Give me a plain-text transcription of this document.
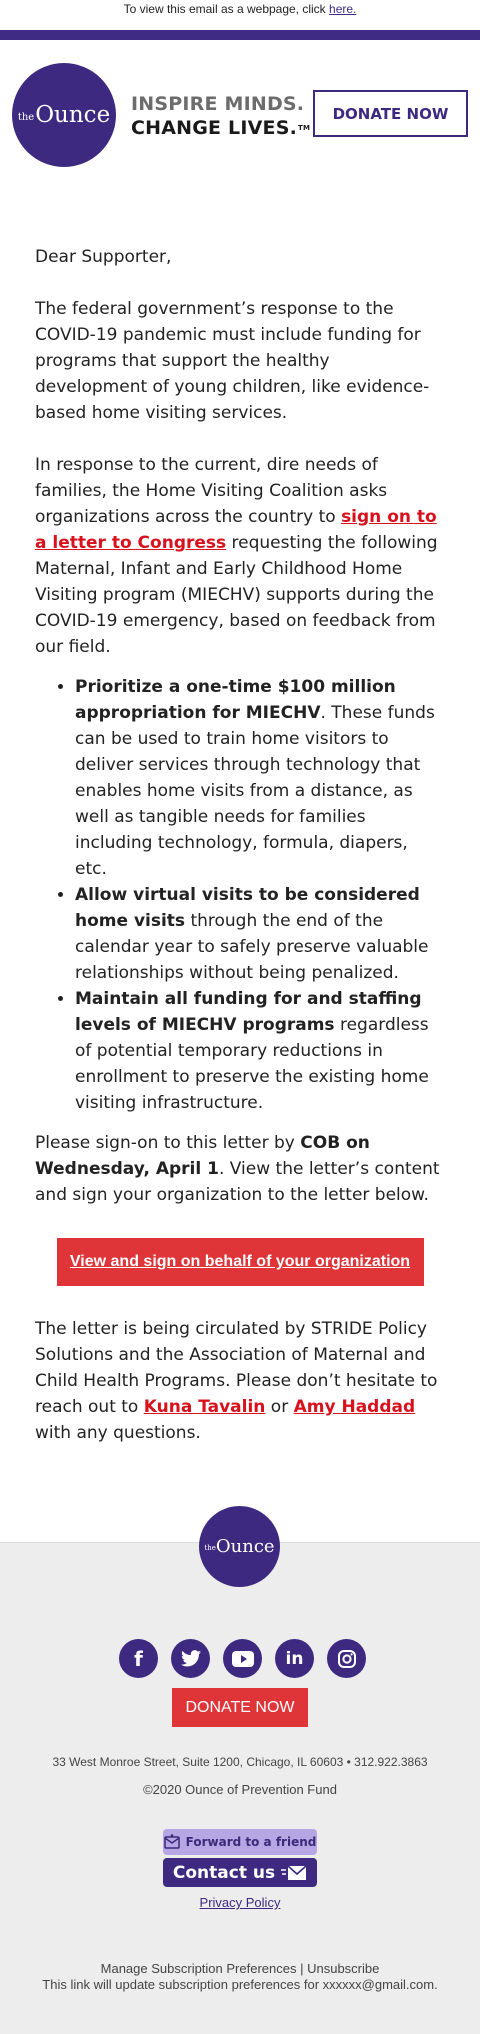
To view this email as a webpage, click here.
the Ounce INSPIRE MINDS.
CHANGE LIVES.™
DONATE NOW

Dear Supporter,

The federal government’s response to the COVID-19 pandemic must include funding for programs that support the healthy development of young children, like evidence-based home visiting services.

In response to the current, dire needs of families, the Home Visiting Coalition asks organizations across the country to sign on to a letter to Congress requesting the following Maternal, Infant and Early Childhood Home Visiting program (MIECHV) supports during the COVID-19 emergency, based on feedback from our field.

• Prioritize a one-time $100 million appropriation for MIECHV. These funds can be used to train home visitors to deliver services through technology that enables home visits from a distance, as well as tangible needs for families including technology, formula, diapers, etc.
• Allow virtual visits to be considered home visits through the end of the calendar year to safely preserve valuable relationships without being penalized.
• Maintain all funding for and staffing levels of MIECHV programs regardless of potential temporary reductions in enrollment to preserve the existing home visiting infrastructure.

Please sign-on to this letter by COB on Wednesday, April 1. View the letter’s content and sign your organization to the letter below.

View and sign on behalf of your organization

The letter is being circulated by STRIDE Policy Solutions and the Association of Maternal and Child Health Programs. Please don’t hesitate to reach out to Kuna Tavalin or Amy Haddad with any questions.

the Ounce
f	in
DONATE NOW
33 West Monroe Street, Suite 1200, Chicago, IL 60603 • 312.922.3863
©2020 Ounce of Prevention Fund
Forward to a friend
Contact us
Privacy Policy
Manage Subscription Preferences | Unsubscribe
This link will update subscription preferences for xxxxxx@gmail.com.
